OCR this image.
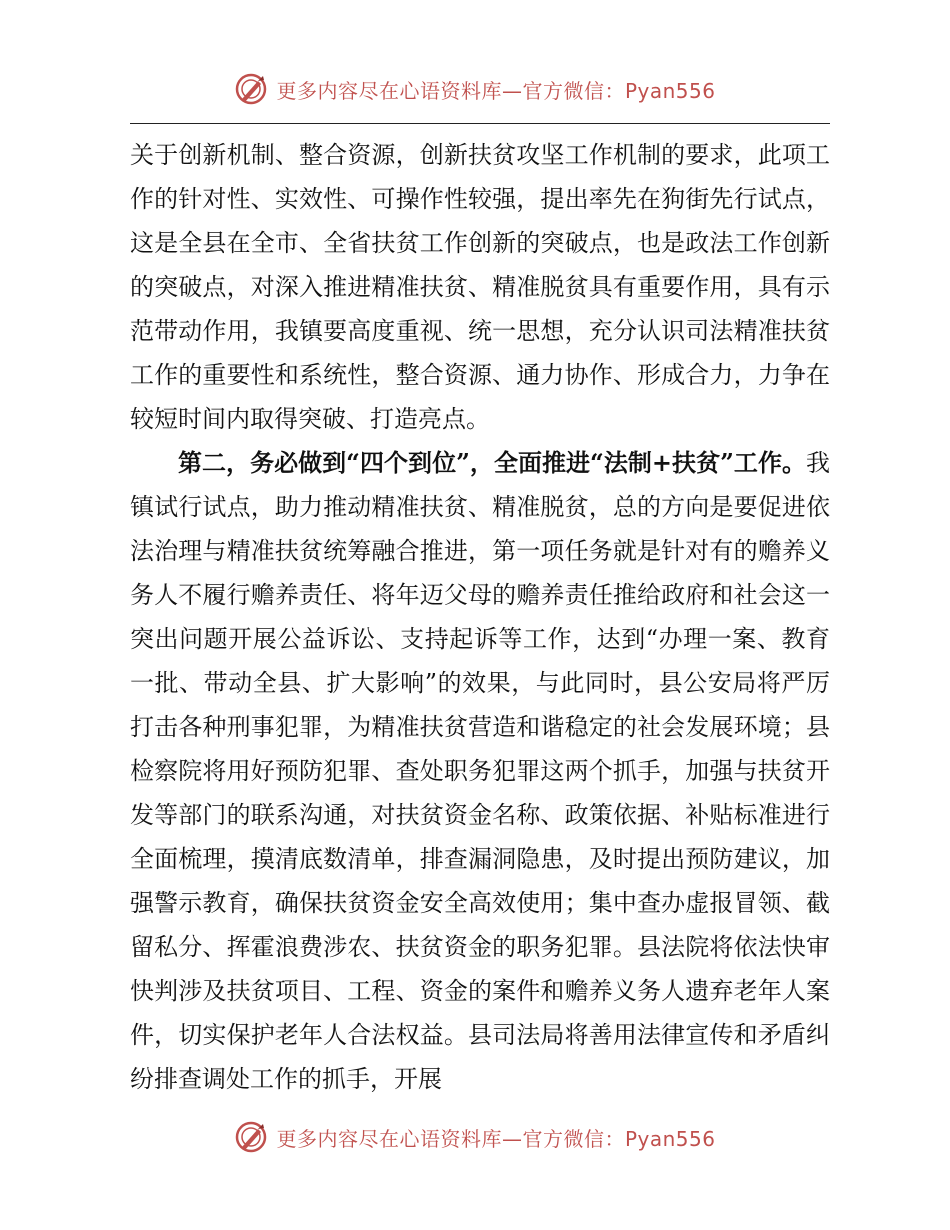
更多内容尽在心语资料库—官方微信：Pyan556

关于创新机制、整合资源，创新扶贫攻坚工作机制的要求，此项工作的针对性、实效性、可操作性较强，提出率先在狗街先行试点，这是全县在全市、全省扶贫工作创新的突破点，也是政法工作创新的突破点，对深入推进精准扶贫、精准脱贫具有重要作用，具有示范带动作用，我镇要高度重视、统一思想，充分认识司法精准扶贫工作的重要性和系统性，整合资源、通力协作、形成合力，力争在较短时间内取得突破、打造亮点。

第二，务必做到“四个到位”，全面推进“法制+扶贫”工作。我镇试行试点，助力推动精准扶贫、精准脱贫，总的方向是要促进依法治理与精准扶贫统筹融合推进，第一项任务就是针对有的赡养义务人不履行赡养责任、将年迈父母的赡养责任推给政府和社会这一突出问题开展公益诉讼、支持起诉等工作，达到“办理一案、教育一批、带动全县、扩大影响”的效果，与此同时，县公安局将严厉打击各种刑事犯罪，为精准扶贫营造和谐稳定的社会发展环境；县检察院将用好预防犯罪、查处职务犯罪这两个抓手，加强与扶贫开发等部门的联系沟通，对扶贫资金名称、政策依据、补贴标准进行全面梳理，摸清底数清单，排查漏洞隐患，及时提出预防建议，加强警示教育，确保扶贫资金安全高效使用；集中查办虚报冒领、截留私分、挥霍浪费涉农、扶贫资金的职务犯罪。县法院将依法快审快判涉及扶贫项目、工程、资金的案件和赡养义务人遗弃老年人案件，切实保护老年人合法权益。县司法局将善用法律宣传和矛盾纠纷排查调处工作的抓手，开展

更多内容尽在心语资料库—官方微信：Pyan556
